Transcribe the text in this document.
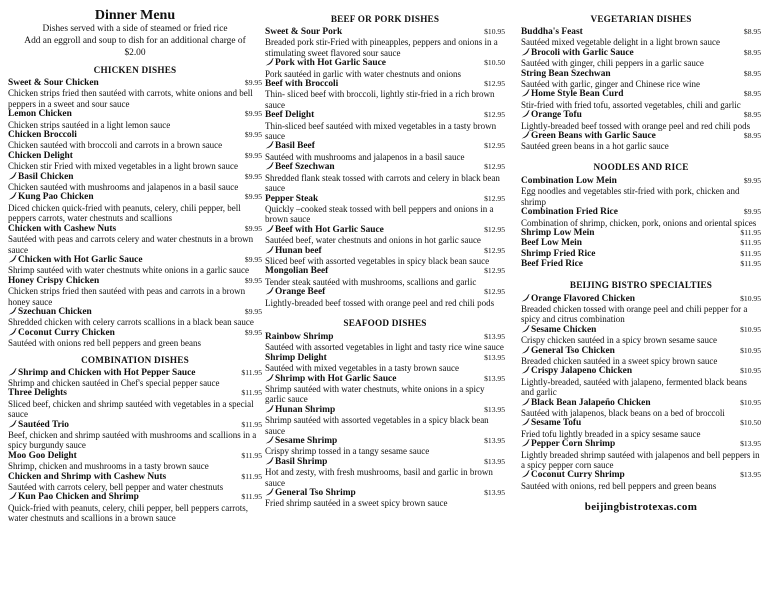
Dinner Menu
Dishes served with a side of steamed or fried rice
Add an eggroll and soup to dish for an additional charge of
$2.00
CHICKEN DISHES
Sweet & Sour Chicken	$9.95
Chicken strips fried then sautéed with carrots, white onions and bell peppers in a sweet and sour sauce
Lemon Chicken	$9.95
Chicken strips sautéed in a light lemon sauce
Chicken Broccoli	$9.95
Chicken sautéed with broccoli and carrots in a brown sauce
Chicken Delight	$9.95
Chicken stir Fried with mixed vegetables in a light brown sauce
Basil Chicken	$9.95
Chicken sautéed with mushrooms and jalapenos in a basil sauce
Kung Pao Chicken	$9.95
Diced chicken quick-fried with peanuts, celery, chili pepper, bell peppers carrots, water chestnuts and scallions
Chicken with Cashew Nuts	$9.95
Sautéed with peas and carrots celery and water chestnuts in a brown sauce
Chicken with Hot Garlic Sauce	$9.95
Shrimp sautéed with water chestnuts white onions in a garlic sauce
Honey Crispy Chicken	$9.95
Chicken strips fried then sautéed with peas and carrots in a brown honey sauce
Szechuan Chicken	$9.95
Shredded chicken with celery carrots scallions in a black bean sauce
Coconut Curry Chicken	$9.95
Sautéed with onions red bell peppers and green beans
COMBINATION DISHES
Shrimp and Chicken with Hot Pepper Sauce	$11.95
Shrimp and chicken sautéed in Chef's special pepper sauce
Three Delights	$11.95
Sliced beef, chicken and shrimp sautéed with vegetables in a special sauce
Sautéed Trio	$11.95
Beef, chicken and shrimp sautéed with mushrooms and scallions in a spicy burgundy sauce
Moo Goo Delight	$11.95
Shrimp, chicken and mushrooms in a tasty brown sauce
Chicken and Shrimp with Cashew Nuts	$11.95
Sautéed with carrots celery, bell pepper and water chestnuts
Kun Pao Chicken and Shrimp	$11.95
Quick-fried with peanuts, celery, chili pepper, bell peppers carrots, water chestnuts and scallions in a brown sauce
BEEF OR PORK DISHES
Sweet & Sour Pork	$10.95
Breaded pork stir-Fried with pineapples, peppers and onions in a stimulating sweet flavored sour sauce
Pork with Hot Garlic Sauce	$10.50
Pork sautéed in garlic with water chestnuts and onions
Beef with Broccoli	$12.95
Thin- sliced beef with broccoli, lightly stir-fried in a rich brown sauce
Beef Delight	$12.95
Thin-sliced beef sautéed with mixed vegetables in a tasty brown sauce
Basil Beef	$12.95
Sautéed with mushrooms and jalapenos in a basil sauce
Beef Szechwan	$12.95
Shredded flank steak tossed with carrots and celery in black bean sauce
Pepper Steak	$12.95
Quickly –cooked steak tossed with bell peppers and onions in a brown sauce
Beef with Hot Garlic Sauce	$12.95
Sautéed beef, water chestnuts and onions in hot garlic sauce
Hunan beef	$12.95
Sliced beef with assorted vegetables in spicy black bean sauce
Mongolian Beef	$12.95
Tender steak sautéed with mushrooms, scallions and garlic
Orange Beef	$12.95
Lightly-breaded beef tossed with orange peel and red chili pods
SEAFOOD DISHES
Rainbow Shrimp	$13.95
Sautéed with assorted vegetables in light and tasty rice wine sauce
Shrimp Delight	$13.95
Sautéed with mixed vegetables in a tasty brown sauce
Shrimp with Hot Garlic Sauce	$13.95
Shrimp sautéed with water chestnuts, white onions in a spicy garlic sauce
Hunan Shrimp	$13.95
Shrimp sautéed with assorted vegetables in a spicy black bean sauce
Sesame Shrimp	$13.95
Crispy shrimp tossed in a tangy sesame sauce
Basil Shrimp	$13.95
Hot and zesty, with fresh mushrooms, basil and garlic in brown sauce
General Tso Shrimp	$13.95
Fried shrimp sautéed in a sweet spicy brown sauce
VEGETARIAN DISHES
Buddha's Feast	$8.95
Sautéed mixed vegetable delight in a light brown sauce
Brocoli with Garlic Sauce	$8.95
Sautéed with ginger, chili peppers in a garlic sauce
String Bean Szechwan	$8.95
Sautéed with garlic, ginger and Chinese rice wine
Home Style Bean Curd	$8.95
Stir-fried with fried tofu, assorted vegetables, chili and garlic
Orange Tofu	$8.95
Lightly-breaded beef tossed with orange peel and red chili pods
Green Beans with Garlic Sauce	$8.95
Sautéed green beans in a hot garlic sauce
NOODLES AND RICE
Combination Low Mein	$9.95
Egg noodles and vegetables stir-fried with pork, chicken and shrimp
Combination Fried Rice	$9.95
Combination of shrimp, chicken, pork, onions and oriental spices
Shrimp Low Mein	$11.95
Beef Low Mein	$11.95
Shrimp Fried Rice	$11.95
Beef Fried Rice	$11.95
BEIJING BISTRO SPECIALTIES
Orange Flavored Chicken	$10.95
Breaded chicken tossed with orange peel and chili pepper for a spicy and citrus combination
Sesame Chicken	$10.95
Crispy chicken sautéed in a spicy brown sesame sauce
General Tso Chicken	$10.95
Breaded chicken sautéed in a sweet spicy brown sauce
Crispy Jalapeno Chicken	$10.95
Lightly-breaded, sautéed with jalapeno, fermented black beans and garlic
Black Bean Jalapeño Chicken	$10.95
Sautéed with jalapenos, black beans on a bed of broccoli
Sesame Tofu	$10.50
Fried tofu lightly breaded in a spicy sesame sauce
Pepper Corn Shrimp	$13.95
Lightly breaded shrimp sautéed with jalapenos and bell peppers in a spicy pepper corn sauce
Coconut Curry Shrimp	$13.95
Sautéed with onions, red bell peppers and green beans
beijingbistrotexas.com
